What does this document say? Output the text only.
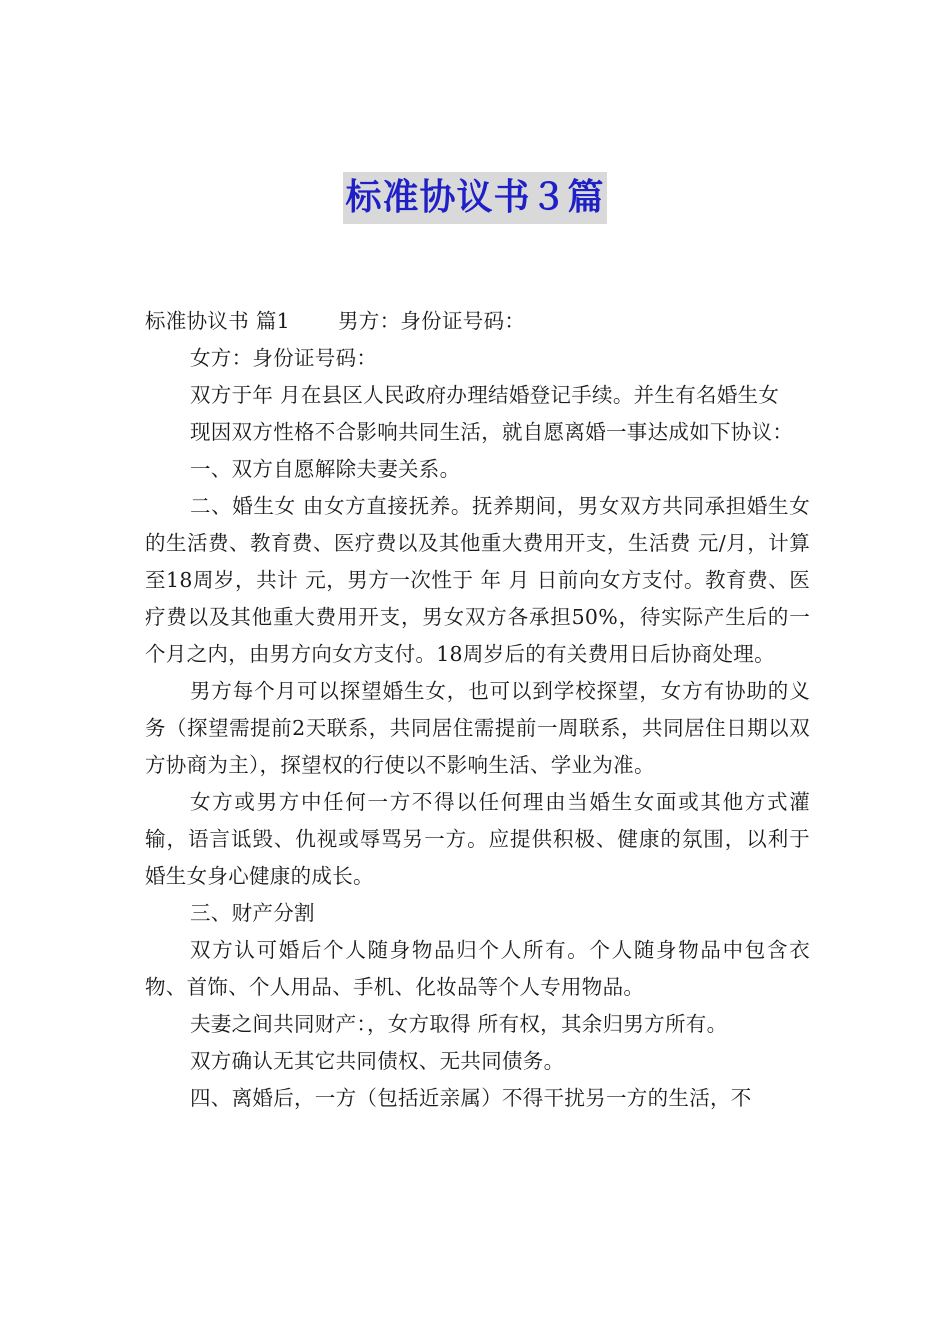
标准协议书３篇

标准协议书 篇1 男方：身份证号码：

女方：身份证号码：

双方于年 月在县区人民政府办理结婚登记手续。并生有名婚生女

现因双方性格不合影响共同生活，就自愿离婚一事达成如下协议：

一、双方自愿解除夫妻关系。

二、婚生女 由女方直接抚养。抚养期间，男女双方共同承担婚生女的生活费、教育费、医疗费以及其他重大费用开支，生活费 元/月，计算至18周岁，共计 元，男方一次性于 年 月 日前向女方支付。教育费、医疗费以及其他重大费用开支，男女双方各承担50%，待实际产生后的一个月之内，由男方向女方支付。18周岁后的有关费用日后协商处理。

男方每个月可以探望婚生女，也可以到学校探望，女方有协助的义务（探望需提前2天联系，共同居住需提前一周联系，共同居住日期以双方协商为主），探望权的行使以不影响生活、学业为准。

女方或男方中任何一方不得以任何理由当婚生女面或其他方式灌输，语言诋毁、仇视或辱骂另一方。应提供积极、健康的氛围，以利于婚生女身心健康的成长。

三、财产分割

双方认可婚后个人随身物品归个人所有。个人随身物品中包含衣物、首饰、个人用品、手机、化妆品等个人专用物品。

夫妻之间共同财产：，女方取得 所有权，其余归男方所有。

双方确认无其它共同债权、无共同债务。

四、离婚后，一方（包括近亲属）不得干扰另一方的生活，不
